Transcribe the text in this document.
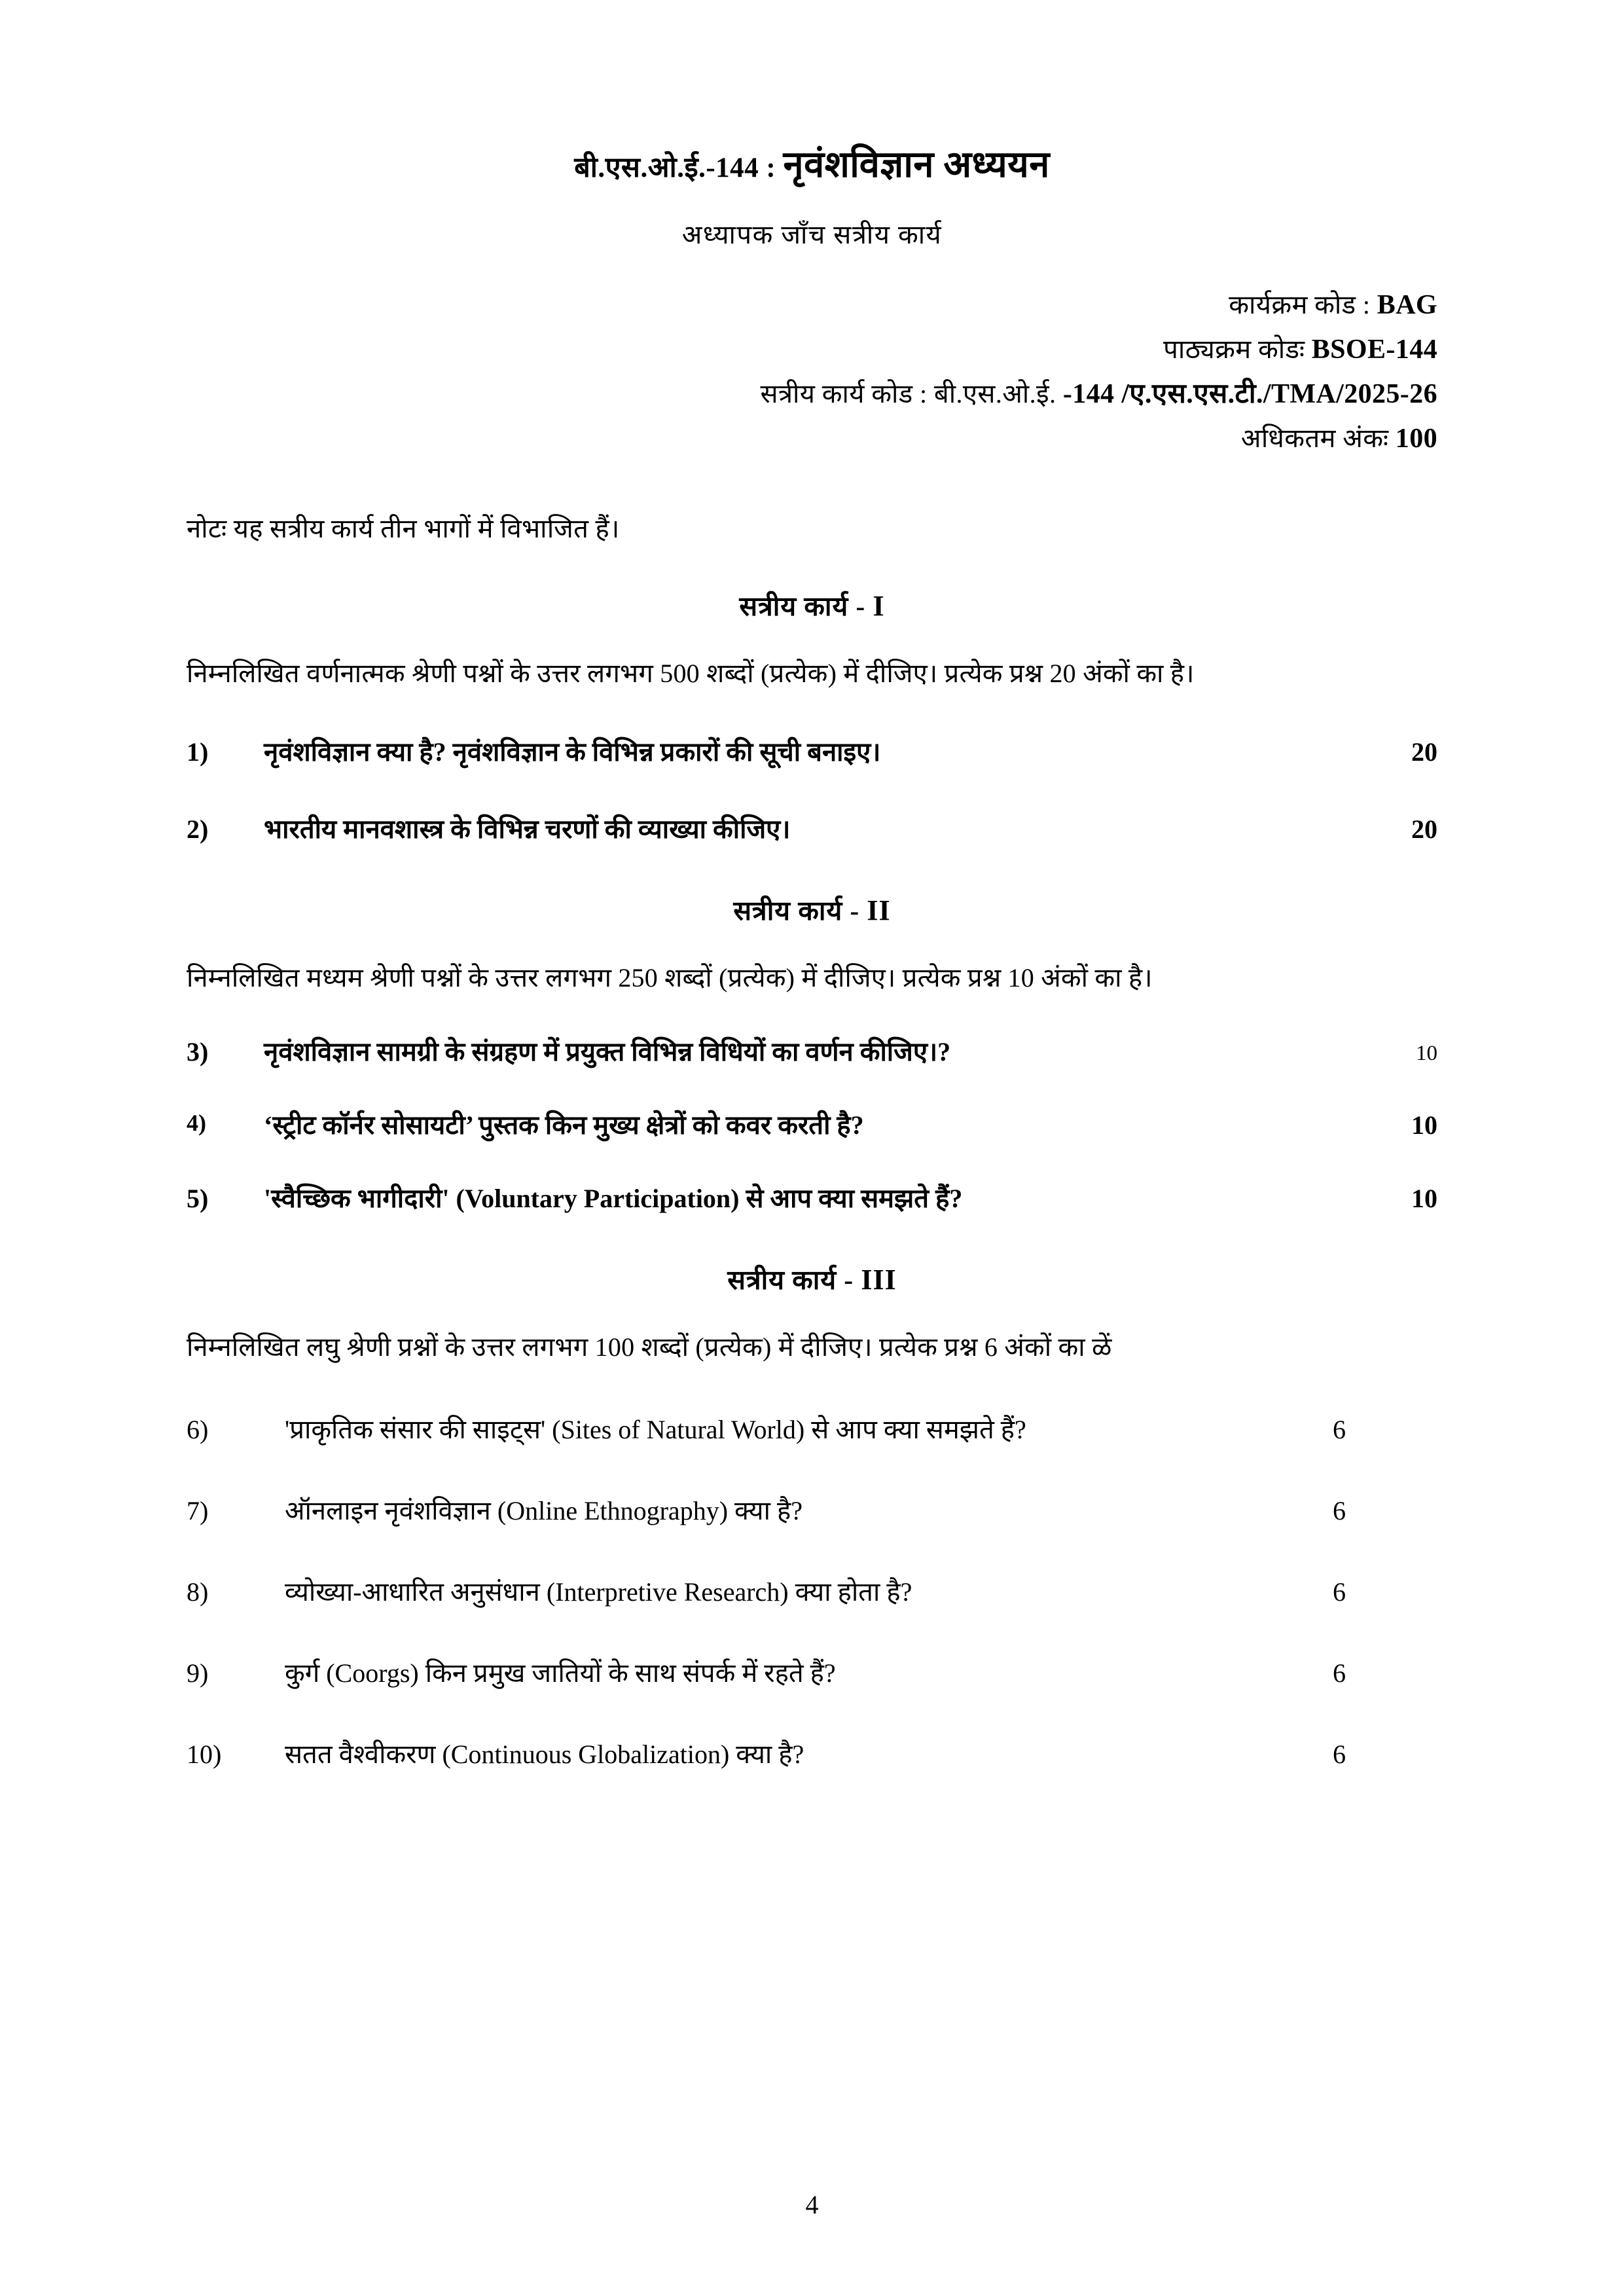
बी.एस.ओ.ई.-144 : नृवंशविज्ञान अध्ययन
अध्यापक जाँच सत्रीय कार्य
कार्यक्रम कोड : BAG
पाठ्यक्रम कोडः BSOE-144
सत्रीय कार्य कोड : बी.एस.ओ.ई. -144 /ए.एस.एस.टी./TMA/2025-26
अधिकतम अंकः 100
नोटः यह सत्रीय कार्य तीन भागों में विभाजित हैं।
सत्रीय कार्य - I

निम्नलिखित वर्णनात्मक श्रेणी पश्नों के उत्तर लगभग 500 शब्दों (प्रत्येक) में दीजिए। प्रत्येक प्रश्न 20 अंकों का है।

1)	नृवंशविज्ञान क्या है? नृवंशविज्ञान के विभिन्न प्रकारों की सूची बनाइए।	20
2)	भारतीय मानवशास्त्र के विभिन्न चरणों की व्याख्या कीजिए।	20
सत्रीय कार्य - II

निम्नलिखित मध्यम श्रेणी पश्नों के उत्तर लगभग 250 शब्दों (प्रत्येक) में दीजिए। प्रत्येक प्रश्न 10 अंकों का है।

3)	नृवंशविज्ञान सामग्री के संग्रहण में प्रयुक्त विभिन्न विधियों का वर्णन कीजिए।?	10
4)	‘स्ट्रीट कॉर्नर सोसायटी’ पुस्तक किन मुख्य क्षेत्रों को कवर करती है?	10
5)	'स्वैच्छिक भागीदारी' (Voluntary Participation) से आप क्या समझते हैं?	10
सत्रीय कार्य - III

निम्नलिखित लघु श्रेणी प्रश्नों के उत्तर लगभग 100 शब्दों (प्रत्येक) में दीजिए। प्रत्येक प्रश्न 6 अंकों का ळें

6)	'प्राकृतिक संसार की साइट्स' (Sites of Natural World) से आप क्या समझते हैं?	6
7)	ऑनलाइन नृवंशविज्ञान (Online Ethnography) क्या है?	6
8)	व्योख्या-आधारित अनुसंधान (Interpretive Research) क्या होता है?	6
9)	कुर्ग (Coorgs) किन प्रमुख जातियों के साथ संपर्क में रहते हैं?	6
10)	सतत वैश्वीकरण (Continuous Globalization) क्या है?	6
4
